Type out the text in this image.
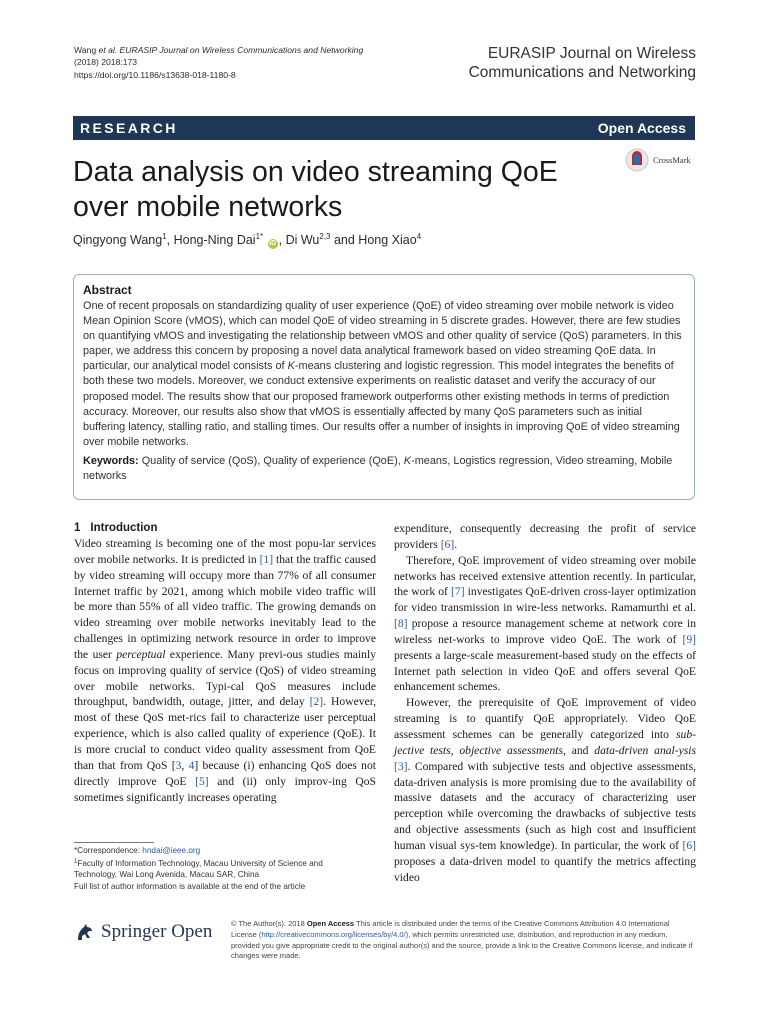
Wang et al. EURASIP Journal on Wireless Communications and Networking (2018) 2018:173
https://doi.org/10.1186/s13638-018-1180-8
EURASIP Journal on Wireless
Communications and Networking
RESEARCH	Open Access
Data analysis on video streaming QoE
over mobile networks
CrossMark
Qingyong Wang$^1$, Hong-Ning Dai$^{1*}$ iD , Di Wu$^{2,3}$ and Hong Xiao$^4$
Abstract

One of recent proposals on standardizing quality of user experience (QoE) of video streaming over mobile network is video Mean Opinion Score (vMOS), which can model QoE of video streaming in 5 discrete grades. However, there are few studies on quantifying vMOS and investigating the relationship between vMOS and other quality of service (QoS) parameters. In this paper, we address this concern by proposing a novel data analytical framework based on video streaming QoE data. In particular, our analytical model consists of K-means clustering and logistic regression. This model integrates the benefits of both these two models. Moreover, we conduct extensive experiments on realistic dataset and verify the accuracy of our proposed model. The results show that our proposed framework outperforms other existing methods in terms of prediction accuracy. Moreover, our results also show that vMOS is essentially affected by many QoS parameters such as initial buffering latency, stalling ratio, and stalling times. Our results offer a number of insights in improving QoE of video streaming over mobile networks.

Keywords: Quality of service (QoS), Quality of experience (QoE), K-means, Logistics regression, Video streaming, Mobile networks

1 Introduction

Video streaming is becoming one of the most popu-lar services over mobile networks. It is predicted in [1] that the traffic caused by video streaming will occupy more than 77% of all consumer Internet traffic by 2021, among which mobile video traffic will be more than 55% of all video traffic. The growing demands on video streaming over mobile networks inevitably lead to the challenges in optimizing network resource in order to improve the user perceptual experience. Many previ-ous studies mainly focus on improving quality of service (QoS) of video streaming over mobile networks. Typi-cal QoS measures include throughput, bandwidth, outage, jitter, and delay [2]. However, most of these QoS met-rics fail to characterize user perceptual experience, which is also called quality of experience (QoE). It is more crucial to conduct video quality assessment from QoE than that from QoS [3, 4] because (i) enhancing QoS does not directly improve QoE [5] and (ii) only improv-ing QoS sometimes significantly increases operating

expenditure, consequently decreasing the profit of service providers [6].

Therefore, QoE improvement of video streaming over mobile networks has received extensive attention recently. In particular, the work of [7] investigates QoE-driven cross-layer optimization for video transmission in wire-less networks. Ramamurthi et al. [8] propose a resource management scheme at network core in wireless net-works to improve video QoE. The work of [9] presents a large-scale measurement-based study on the effects of Internet path selection in video QoE and offers several QoE enhancement schemes.

However, the prerequisite of QoE improvement of video streaming is to quantify QoE appropriately. Video QoE assessment schemes can be generally categorized into sub-jective tests, objective assessments, and data-driven anal-ysis [3]. Compared with subjective tests and objective assessments, data-driven analysis is more promising due to the availability of massive datasets and the accuracy of characterizing user perception while overcoming the drawbacks of subjective tests and objective assessments (such as high cost and insufficient human visual sys-tem knowledge). In particular, the work of [6] proposes a data-driven model to quantify the metrics affecting video

*Correspondence: hndai@ieee.org
$^1$Faculty of Information Technology, Macau University of Science and Technology, Wai Long Avenida, Macau SAR, China
Full list of author information is available at the end of the article
Springer Open © The Author(s). 2018 Open Access This article is distributed under the terms of the Creative Commons Attribution 4.0 International License (http://creativecommons.org/licenses/by/4.0/), which permits unrestricted use, distribution, and reproduction in any medium, provided you give appropriate credit to the original author(s) and the source, provide a link to the Creative Commons license, and indicate if changes were made.
